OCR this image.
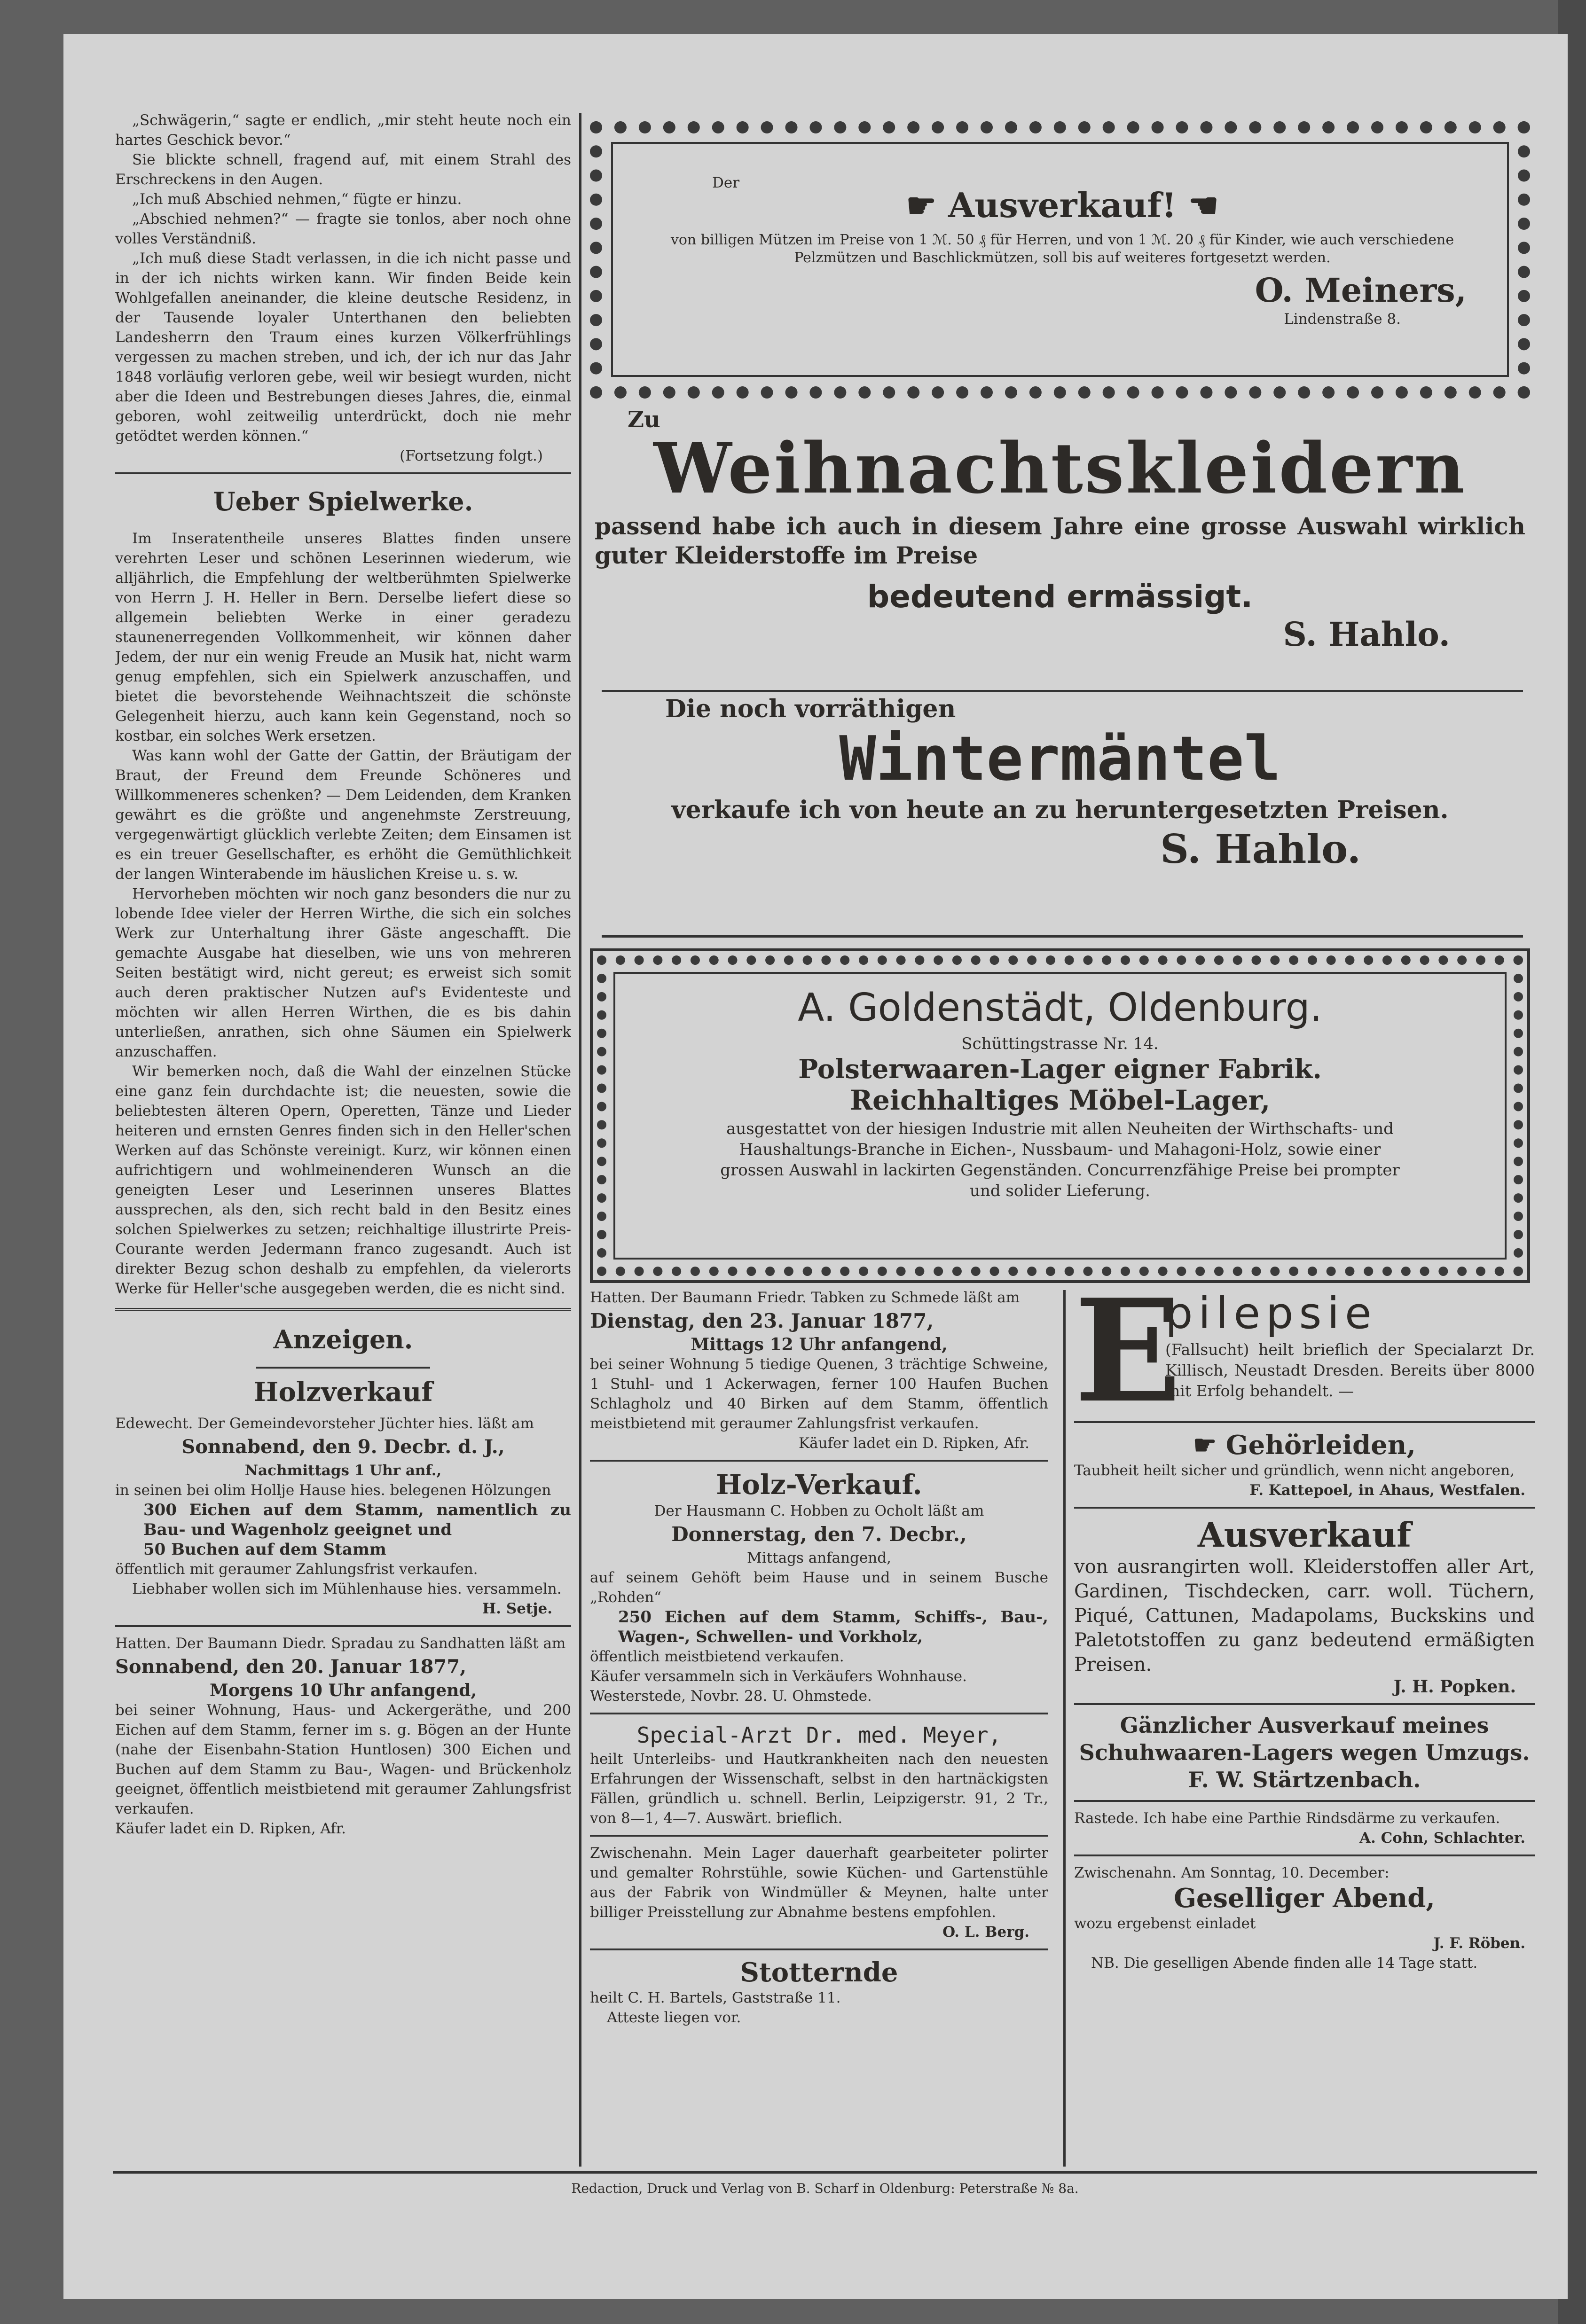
„Schwägerin,“ sagte er endlich, „mir steht heute noch ein hartes Geschick bevor.“

Sie blickte schnell, fragend auf, mit einem Strahl des Erschreckens in den Augen.

„Ich muß Abschied nehmen,“ fügte er hinzu.

„Abschied nehmen?“ — fragte sie tonlos, aber noch ohne volles Verständniß.

„Ich muß diese Stadt verlassen, in die ich nicht passe und in der ich nichts wirken kann. Wir finden Beide kein Wohlgefallen aneinander, die kleine deutsche Residenz, in der Tausende loyaler Unterthanen den beliebten Landesherrn den Traum eines kurzen Völkerfrühlings vergessen zu machen streben, und ich, der ich nur das Jahr 1848 vorläufig verloren gebe, weil wir besiegt wurden, nicht aber die Ideen und Bestrebungen dieses Jahres, die, einmal geboren, wohl zeitweilig unterdrückt, doch nie mehr getödtet werden können.“

(Fortsetzung folgt.)

Ueber Spielwerke.

Im Inseratentheile unseres Blattes finden unsere verehrten Leser und schönen Leserinnen wiederum, wie alljährlich, die Empfehlung der weltberühmten Spielwerke von Herrn J. H. Heller in Bern. Derselbe liefert diese so allgemein beliebten Werke in einer geradezu staunenerregenden Vollkommenheit, wir können daher Jedem, der nur ein wenig Freude an Musik hat, nicht warm genug empfehlen, sich ein Spielwerk anzuschaffen, und bietet die bevorstehende Weihnachtszeit die schönste Gelegenheit hierzu, auch kann kein Gegenstand, noch so kostbar, ein solches Werk ersetzen.

Was kann wohl der Gatte der Gattin, der Bräutigam der Braut, der Freund dem Freunde Schöneres und Willkommeneres schenken? — Dem Leidenden, dem Kranken gewährt es die größte und angenehmste Zerstreuung, vergegenwärtigt glücklich verlebte Zeiten; dem Einsamen ist es ein treuer Gesellschafter, es erhöht die Gemüthlichkeit der langen Winterabende im häuslichen Kreise u. s. w.

Hervorheben möchten wir noch ganz besonders die nur zu lobende Idee vieler der Herren Wirthe, die sich ein solches Werk zur Unterhaltung ihrer Gäste angeschafft. Die gemachte Ausgabe hat dieselben, wie uns von mehreren Seiten bestätigt wird, nicht gereut; es erweist sich somit auch deren praktischer Nutzen auf's Evidenteste und möchten wir allen Herren Wirthen, die es bis dahin unterließen, anrathen, sich ohne Säumen ein Spielwerk anzuschaffen.

Wir bemerken noch, daß die Wahl der einzelnen Stücke eine ganz fein durchdachte ist; die neuesten, sowie die beliebtesten älteren Opern, Operetten, Tänze und Lieder heiteren und ernsten Genres finden sich in den Heller'schen Werken auf das Schönste vereinigt. Kurz, wir können einen aufrichtigern und wohlmeinenderen Wunsch an die geneigten Leser und Leserinnen unseres Blattes aussprechen, als den, sich recht bald in den Besitz eines solchen Spielwerkes zu setzen; reichhaltige illustrirte Preis-Courante werden Jedermann franco zugesandt. Auch ist direkter Bezug schon deshalb zu empfehlen, da vielerorts Werke für Heller'sche ausgegeben werden, die es nicht sind.

Anzeigen.
Holzverkauf

Edewecht. Der Gemeindevorsteher Jüchter hies. läßt am

Sonnabend, den 9. Decbr. d. J.,

Nachmittags 1 Uhr anf.,

in seinen bei olim Hollje Hause hies. belegenen Hölzungen

300 Eichen auf dem Stamm, namentlich zu Bau- und Wagenholz geeignet und

50 Buchen auf dem Stamm

öffentlich mit geraumer Zahlungsfrist verkaufen.

Liebhaber wollen sich im Mühlenhause hies. versammeln.

H. Setje.

Hatten. Der Baumann Diedr. Spradau zu Sandhatten läßt am

Sonnabend, den 20. Januar 1877,

Morgens 10 Uhr anfangend,

bei seiner Wohnung, Haus- und Ackergeräthe, und 200 Eichen auf dem Stamm, ferner im s. g. Bögen an der Hunte (nahe der Eisenbahn-Station Huntlosen) 300 Eichen und Buchen auf dem Stamm zu Bau-, Wagen- und Brückenholz geeignet, öffentlich meistbietend mit geraumer Zahlungsfrist verkaufen.

Käufer ladet ein D. Ripken, Afr.

Der
☛ Ausverkauf! ☚

von billigen Mützen im Preise von 1 ℳ. 50 ₰ für Herren, und von 1 ℳ. 20 ₰ für Kinder, wie auch verschiedene Pelzmützen und Baschlickmützen, soll bis auf weiteres fortgesetzt werden.

O. Meiners,
Lindenstraße 8.
Zu
Weihnachtskleidern

passend habe ich auch in diesem Jahre eine grosse Auswahl wirklich guter Kleiderstoffe im Preise

bedeutend ermässigt.
S. Hahlo.
Die noch vorräthigen
Wintermäntel
verkaufe ich von heute an zu heruntergesetzten Preisen.
S. Hahlo.
A. Goldenstädt, Oldenburg.
Schüttingstrasse Nr. 14.
Polsterwaaren-Lager eigner Fabrik.
Reichhaltiges Möbel-Lager,

ausgestattet von der hiesigen Industrie mit allen Neuheiten der Wirthschafts- und Haushaltungs-Branche in Eichen-, Nussbaum- und Mahagoni-Holz, sowie einer grossen Auswahl in lackirten Gegenständen. Concurrenzfähige Preise bei prompter und solider Lieferung.

Hatten. Der Baumann Friedr. Tabken zu Schmede läßt am

Dienstag, den 23. Januar 1877,

Mittags 12 Uhr anfangend,

bei seiner Wohnung 5 tiedige Quenen, 3 trächtige Schweine, 1 Stuhl- und 1 Ackerwagen, ferner 100 Haufen Buchen Schlagholz und 40 Birken auf dem Stamm, öffentlich meistbietend mit geraumer Zahlungsfrist verkaufen.

Käufer ladet ein D. Ripken, Afr.

Holz-Verkauf.

Der Hausmann C. Hobben zu Ocholt läßt am

Donnerstag, den 7. Decbr.,

Mittags anfangend,

auf seinem Gehöft beim Hause und in seinem Busche „Rohden“

250 Eichen auf dem Stamm, Schiffs-, Bau-, Wagen-, Schwellen- und Vorkholz,

öffentlich meistbietend verkaufen.

Käufer versammeln sich in Verkäufers Wohnhause.

Westerstede, Novbr. 28. U. Ohmstede.

Special-Arzt Dr. med. Meyer,

heilt Unterleibs- und Hautkrankheiten nach den neuesten Erfahrungen der Wissenschaft, selbst in den hartnäckigsten Fällen, gründlich u. schnell. Berlin, Leipzigerstr. 91, 2 Tr., von 8—1, 4—7. Auswärt. brieflich.

Zwischenahn. Mein Lager dauerhaft gearbeiteter polirter und gemalter Rohrstühle, sowie Küchen- und Gartenstühle aus der Fabrik von Windmüller & Meynen, halte unter billiger Preisstellung zur Abnahme bestens empfohlen.

O. L. Berg.

Stotternde

heilt C. H. Bartels, Gaststraße 11.

Atteste liegen vor.

E
pilepsie

(Fallsucht) heilt brieflich der Specialarzt Dr. Killisch, Neustadt Dresden. Bereits über 8000 mit Erfolg behandelt. —

☛ Gehörleiden,

Taubheit heilt sicher und gründlich, wenn nicht angeboren,

F. Kattepoel, in Ahaus, Westfalen.

Ausverkauf

von ausrangirten woll. Kleiderstoffen aller Art, Gardinen, Tischdecken, carr. woll. Tüchern, Piqué, Cattunen, Madapolams, Buckskins und Paletotstoffen zu ganz bedeutend ermäßigten Preisen.

J. H. Popken.

Gänzlicher Ausverkauf meines Schuhwaaren-Lagers wegen Umzugs.

F. W. Stärtzenbach.

Rastede. Ich habe eine Parthie Rindsdärme zu verkaufen.

A. Cohn, Schlachter.

Zwischenahn. Am Sonntag, 10. December:

Geselliger Abend,

wozu ergebenst einladet

J. F. Röben.

NB. Die geselligen Abende finden alle 14 Tage statt.

Redaction, Druck und Verlag von B. Scharf in Oldenburg: Peterstraße № 8a.
